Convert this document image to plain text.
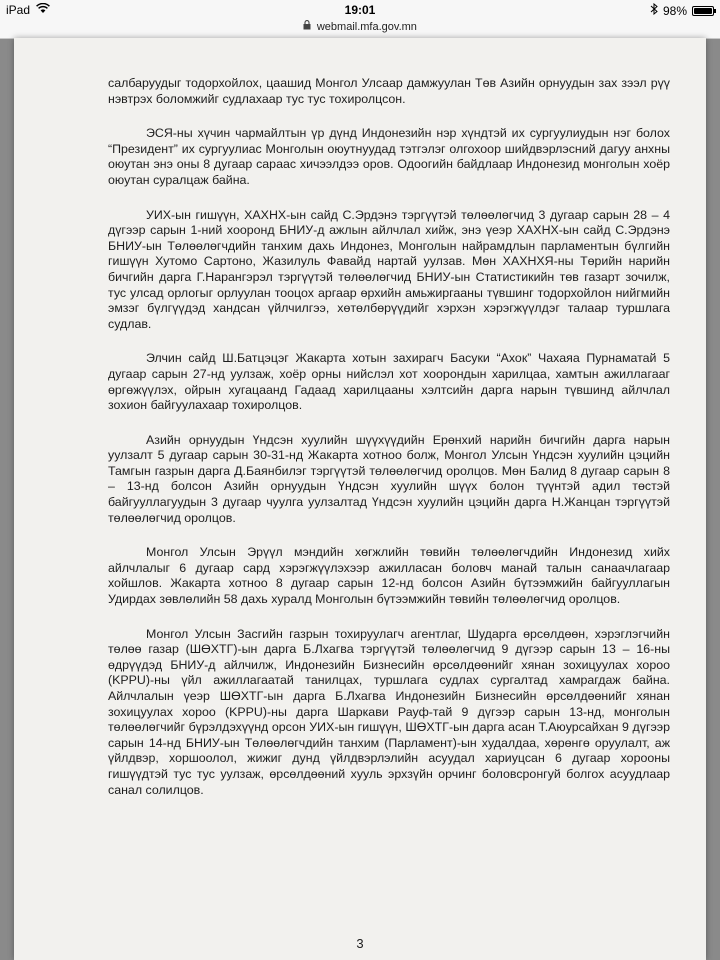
iPad	19:01	98%
webmail.mfa.gov.mn

салбаруудыг тодорхойлох, цаашид Монгол Улсаар дамжуулан Төв Азийн орнуудын зах зээл рүү нэвтрэх боломжийг судлахаар тус тус тохиролцсон.

ЭСЯ-ны хүчин чармайлтын үр дүнд Индонезийн нэр хүндтэй их сургуулиудын нэг болох “Президент” их сургуулиас Монголын оюутнуудад тэтгэлэг олгохоор шийдвэрлэсний дагуу анхны оюутан энэ оны 8 дугаар сараас хичээлдээ оров. Одоогийн байдлаар Индонезид монголын хоёр оюутан суралцаж байна.

УИХ-ын гишүүн, ХАХНХ-ын сайд С.Эрдэнэ тэргүүтэй төлөөлөгчид 3 дугаар сарын 28 – 4 дүгээр сарын 1-ний хооронд БНИУ-д ажлын айлчлал хийж, энэ үеэр ХАХНХ-ын сайд С.Эрдэнэ БНИУ-ын Төлөөлөгчдийн танхим дахь Индонез, Монголын найрамдлын парламентын бүлгийн гишүүн Хутомо Сартоно, Жазилуль Фавайд нартай уулзав. Мөн ХАХНХЯ-ны Төрийн нарийн бичгийн дарга Г.Нарангэрэл тэргүүтэй төлөөлөгчид БНИУ-ын Статистикийн төв газарт зочилж, тус улсад орлогыг орлуулан тооцох аргаар өрхийн амьжиргааны түвшинг тодорхойлон нийгмийн эмзэг бүлгүүдэд хандсан үйлчилгээ, хөтөлбөрүүдийг хэрхэн хэрэгжүүлдэг талаар туршлага судлав.

Элчин сайд Ш.Батцэцэг Жакарта хотын захирагч Басуки “Ахок” Чахаяа Пурнаматай 5 дугаар сарын 27-нд уулзаж, хоёр орны нийслэл хот хоорондын харилцаа, хамтын ажиллагааг өргөжүүлэх, ойрын хугацаанд Гадаад харилцааны хэлтсийн дарга нарын түвшинд айлчлал зохион байгуулахаар тохиролцов.

Азийн орнуудын Үндсэн хуулийн шүүхүүдийн Ерөнхий нарийн бичгийн дарга нарын уулзалт 5 дугаар сарын 30-31-нд Жакарта хотноо болж, Монгол Улсын Үндсэн хуулийн цэцийн Тамгын газрын дарга Д.Баянбилэг тэргүүтэй төлөөлөгчид оролцов. Мөн Балид 8 дугаар сарын 8 – 13-нд болсон Азийн орнуудын Үндсэн хуулийн шүүх болон түүнтэй адил төстэй байгууллагуудын 3 дугаар чуулга уулзалтад Үндсэн хуулийн цэцийн дарга Н.Жанцан тэргүүтэй төлөөлөгчид оролцов.

Монгол Улсын Эрүүл мэндийн хөгжлийн төвийн төлөөлөгчдийн Индонезид хийх айлчлалыг 6 дугаар сард хэрэгжүүлэхээр ажилласан боловч манай талын санаачлагаар хойшлов. Жакарта хотноо 8 дугаар сарын 12-нд болсон Азийн бүтээмжийн байгууллагын Удирдах зөвлөлийн 58 дахь хуралд Монголын бүтээмжийн төвийн төлөөлөгчид оролцов.

Монгол Улсын Засгийн газрын тохируулагч агентлаг, Шударга өрсөлдөөн, хэрэглэгчийн төлөө газар (ШӨХТГ)-ын дарга Б.Лхагва тэргүүтэй төлөөлөгчид 9 дүгээр сарын 13 – 16-ны өдрүүдэд БНИУ-д айлчилж, Индонезийн Бизнесийн өрсөлдөөнийг хянан зохицуулах хороо (KPPU)-ны үйл ажиллагаатай танилцах, туршлага судлах сургалтад хамрагдаж байна. Айлчлалын үеэр ШӨХТГ-ын дарга Б.Лхагва Индонезийн Бизнесийн өрсөлдөөнийг хянан зохицуулах хороо (KPPU)-ны дарга Шаркави Рауф-тай 9 дүгээр сарын 13-нд, монголын төлөөлөгчийг бүрэлдэхүүнд орсон УИХ-ын гишүүн, ШӨХТГ-ын дарга асан Т.Аюурсайхан 9 дүгээр сарын 14-нд БНИУ-ын Төлөөлөгчдийн танхим (Парламент)-ын худалдаа, хөрөнгө оруулалт, аж үйлдвэр, хоршоолол, жижиг дунд үйлдвэрлэлийн асуудал хариуцсан 6 дугаар хорооны гишүүдтэй тус тус уулзаж, өрсөлдөөний хууль эрхзүйн орчинг боловсронгуй болгох асуудлаар санал солилцов.

3
